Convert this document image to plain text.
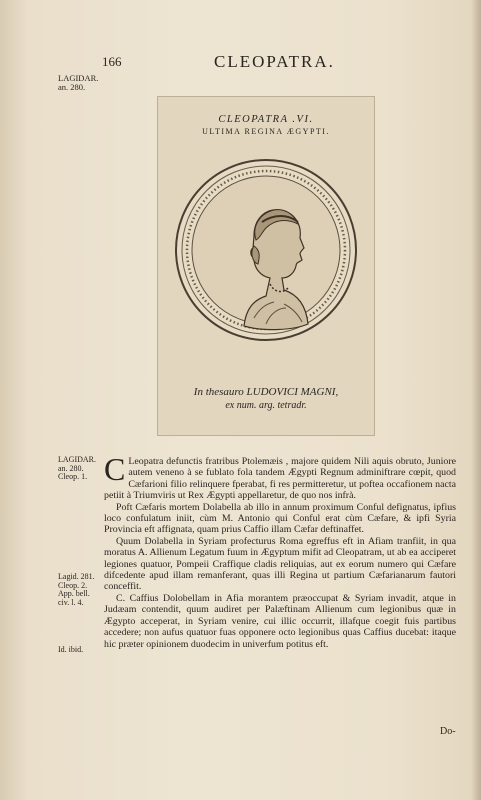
166	CLEOPATRA.
LAGIDAR.
an. 280.
CLEOPATRA .VI.
ULTIMA REGINA ÆGYPTI.
In thesauro LUDOVICI MAGNI,
ex num. arg. tetradr.
LAGIDAR.
an. 280.
Cleop. 1.
Lagid. 281.
Cleop. 2.
App. bell.
civ. l. 4.
Id. ibid.

C Leopatra defunctis fratribus Ptolemæis , majore quidem Nili aquis obruto, Juniore autem veneno à se fublato fola tandem Ægypti Regnum adminiftrare cœpit, quod Cæfarioni filio relinquere fperabat, fi res permitteretur, ut poftea occafionem nacta petiit à Triumviris ut Rex Ægypti appellaretur, de quo nos infrà.

Poft Cæfaris mortem Dolabella ab illo in annum proximum Conful defignatus, ipfius loco confulatum iniit, cùm M. Antonio qui Conful erat cùm Cæfare, & ipfi Syria Provincia eft affignata, quam prius Caffio illam Cæfar deftinaffet.

Quum Dolabella in Syriam profecturus Roma egreffus eft in Afiam tranfiit, in qua moratus A. Allienum Legatum fuum in Ægyptum mifit ad Cleopatram, ut ab ea acciperet legiones quatuor, Pompeii Craffique cladis reliquias, aut ex eorum numero qui Cæfare difcedente apud illam remanferant, quas illi Regina ut partium Cæfarianarum fautori conceffit.

C. Caffius Dolobellam in Afia morantem præoccupat & Syriam invadit, atque in Judæam contendit, quum audiret per Palæftinam Allienum cum legionibus quæ in Ægypto acceperat, in Syriam venire, cui illic occurrit, illafque coegit fuis partibus accedere; non aufus quatuor fuas opponere octo legionibus quas Caffius ducebat: itaque hic præter opinionem duodecim in univerfum potitus eft.

Do-
